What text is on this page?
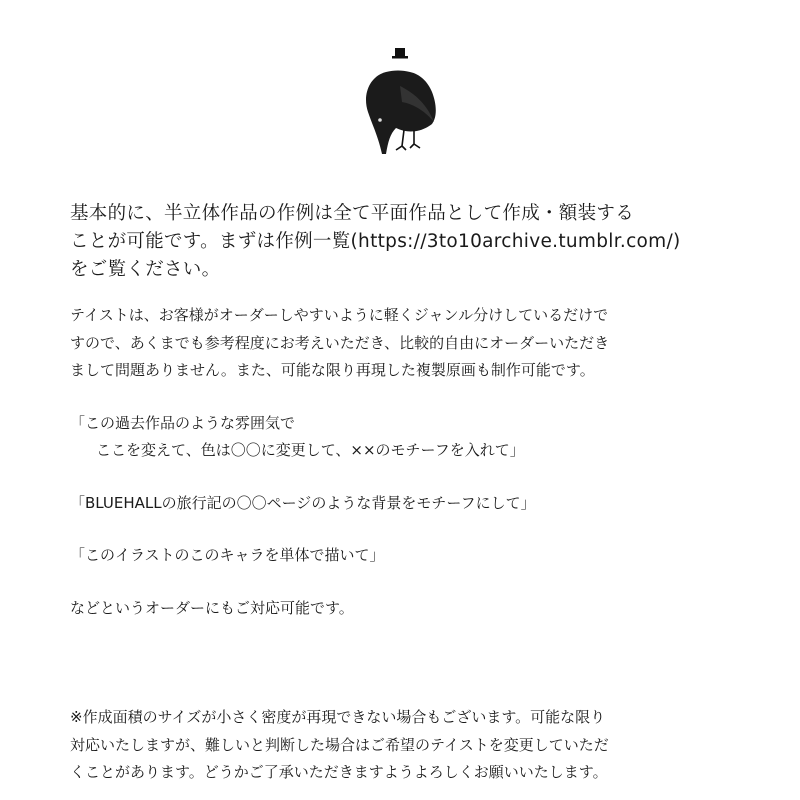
基本的に、半立体作品の作例は全て平面作品として作成・額装する

ことが可能です。まずは作例一覧(https://3to10archive.tumblr.com/)

をご覧ください。

テイストは、お客様がオーダーしやすいように軽くジャンル分けしているだけで

すので、あくまでも参考程度にお考えいただき、比較的自由にオーダーいただき

まして問題ありません。また、可能な限り再現した複製原画も制作可能です。

「この過去作品のような雰囲気で

ここを変えて、色は〇〇に変更して、××のモチーフを入れて」

「BLUEHALLの旅行記の〇〇ページのような背景をモチーフにして」

「このイラストのこのキャラを単体で描いて」

などというオーダーにもご対応可能です。

※作成面積のサイズが小さく密度が再現できない場合もございます。可能な限り

対応いたしますが、難しいと判断した場合はご希望のテイストを変更していただ

くことがあります。どうかご了承いただきますようよろしくお願いいたします。
